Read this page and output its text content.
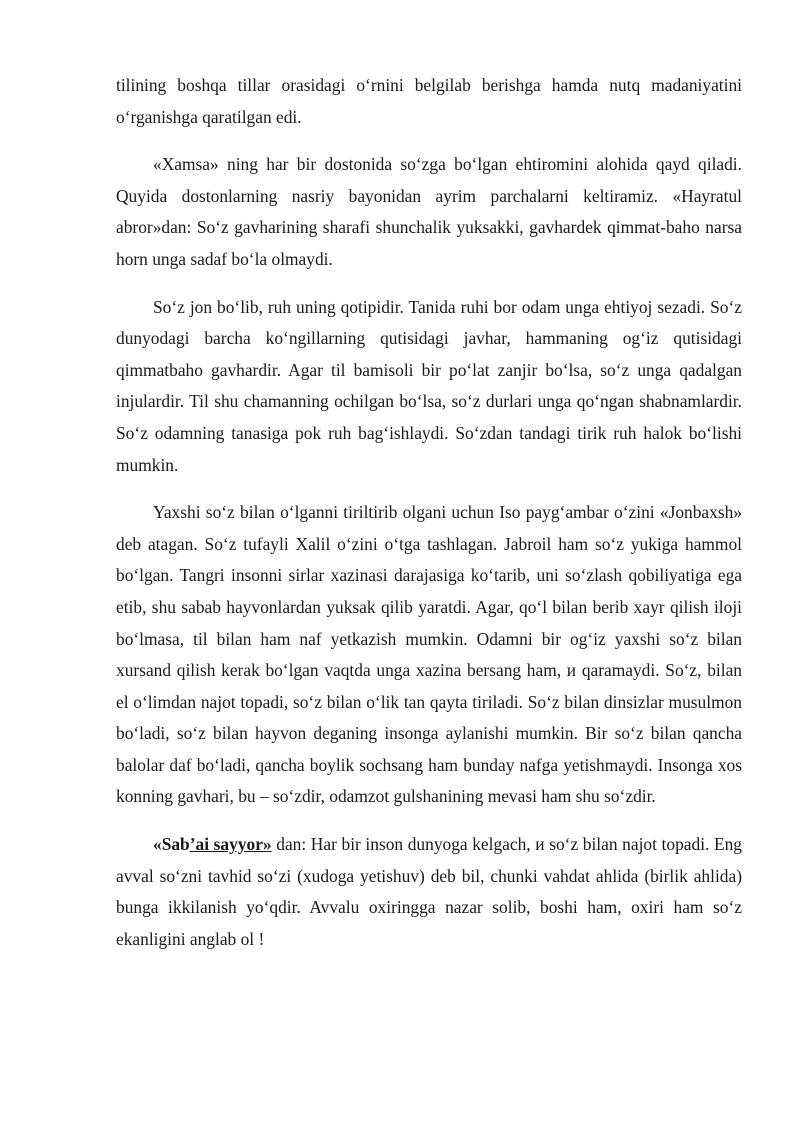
tilining boshqa tillar orasidagi o‘rnini belgilab berishga hamda nutq madaniyatini o‘rganishga qaratilgan edi.

«Xamsa» ning har bir dostonida so‘zga bo‘lgan ehtiromini alohida qayd qiladi. Quyida dostonlarning nasriy bayonidan ayrim parchalarni keltiramiz. «Hayratul abror»dan: So‘z gavharining sharafi shunchalik yuksakki, gavhardek qimmat-baho narsa horn unga sadaf bo‘la olmaydi.

So‘z jon bo‘lib, ruh uning qotipidir. Tanida ruhi bor odam unga ehtiyoj sezadi. So‘z dunyodagi barcha ko‘ngillarning qutisidagi javhar, hammaning og‘iz qutisidagi qimmatbaho gavhardir. Agar til bamisoli bir po‘lat zanjir bo‘lsa, so‘z unga qadalgan injulardir. Til shu chamanning ochilgan bo‘lsa, so‘z durlari unga qo‘ngan shabnamlardir. So‘z odamning tanasiga pok ruh bag‘ishlaydi. So‘zdan tandagi tirik ruh halok bo‘lishi mumkin.

Yaxshi so‘z bilan o‘lganni tiriltirib olgani uchun Iso payg‘ambar o‘zini «Jonbaxsh» deb atagan. So‘z tufayli Xalil o‘zini o‘tga tashlagan. Jabroil ham so‘z yukiga hammol bo‘lgan. Tangri insonni sirlar xazinasi darajasiga ko‘tarib, uni so‘zlash qobiliyatiga ega etib, shu sabab hayvonlardan yuksak qilib yaratdi. Agar, qo‘l bilan berib xayr qilish iloji bo‘lmasa, til bilan ham naf yetkazish mumkin. Odamni bir og‘iz yaxshi so‘z bilan xursand qilish kerak bo‘lgan vaqtda unga xazina bersang ham, и qaramaydi. So‘z, bilan el o‘limdan najot topadi, so‘z bilan o‘lik tan qayta tiriladi. So‘z bilan dinsizlar musulmon bo‘ladi, so‘z bilan hayvon deganing insonga aylanishi mumkin. Bir so‘z bilan qancha balolar daf bo‘ladi, qancha boylik sochsang ham bunday nafga yetishmaydi. Insonga xos konning gavhari, bu – so‘zdir, odamzot gulshanining mevasi ham shu so‘zdir.

«Sab’ai sayyor» dan: Har bir inson dunyoga kelgach, и so‘z bilan najot topadi. Eng avval so‘zni tavhid so‘zi (xudoga yetishuv) deb bil, chunki vahdat ahlida (birlik ahlida) bunga ikkilanish yo‘qdir. Avvalu oxiringga nazar solib, boshi ham, oxiri ham so‘z ekanligini anglab ol !
